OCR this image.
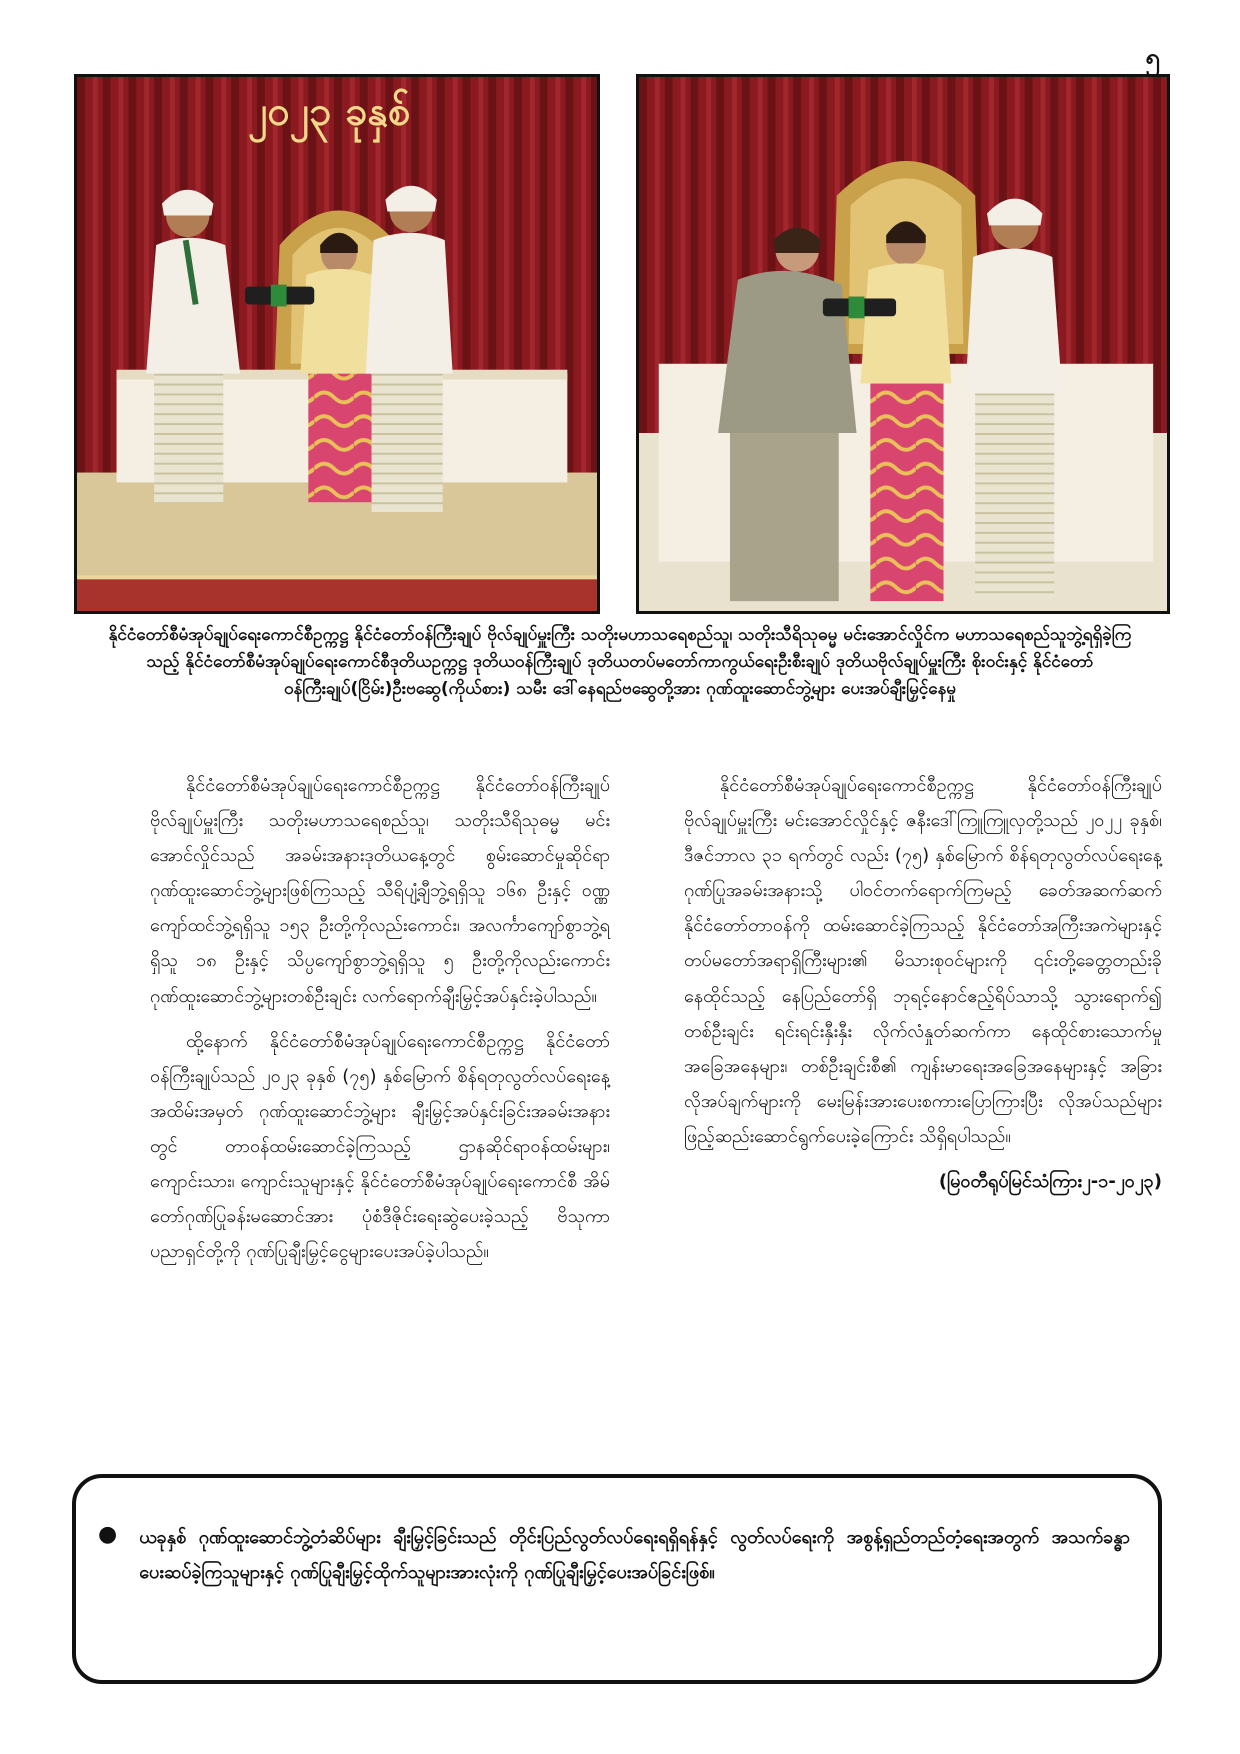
၅
၂၀၂၃ ခုနှစ်
နိုင်ငံတော်စီမံအုပ်ချုပ်ရေးကောင်စီဥက္ကဋ္ဌ နိုင်ငံတော်ဝန်ကြီးချုပ် ဗိုလ်ချုပ်မှူးကြီး သတိုးမဟာသရေစည်သူ၊ သတိုးသီရိသုဓမ္မ မင်းအောင်လှိုင်က မဟာသရေစည်သူဘွဲ့ရရှိခဲ့ကြသည့် နိုင်ငံတော်စီမံအုပ်ချုပ်ရေးကောင်စီဒုတိယဥက္ကဋ္ဌ ဒုတိယဝန်ကြီးချုပ် ဒုတိယတပ်မတော်ကာကွယ်ရေးဦးစီးချုပ် ဒုတိယဗိုလ်ချုပ်မှူးကြီး စိုးဝင်းနှင့် နိုင်ငံတော်ဝန်ကြီးချုပ်(ငြိမ်း)ဦးဗဆွေ(ကိုယ်စား) သမီး ဒေါ်နေရည်ဗဆွေတို့အား ဂုဏ်ထူးဆောင်ဘွဲ့များ ပေးအပ်ချီးမြှင့်နေမှု

နိုင်ငံတော်စီမံအုပ်ချုပ်ရေးကောင်စီဥက္ကဋ္ဌ နိုင်ငံတော်ဝန်ကြီးချုပ် ဗိုလ်ချုပ်မှူးကြီး သတိုးမဟာသရေစည်သူ၊ သတိုးသီရိသုဓမ္မ မင်းအောင်လှိုင်သည် အခမ်းအနားဒုတိယနေ့တွင် စွမ်းဆောင်မှုဆိုင်ရာဂုဏ်ထူးဆောင်ဘွဲ့များဖြစ်ကြသည့် သီရိပျံ့ချီဘွဲ့ရရှိသူ ၁၆၈ ဦးနှင့် ဝဏ္ဏကျော်ထင်ဘွဲ့ရရှိသူ ၁၅၃ ဦးတို့ကိုလည်းကောင်း၊ အလင်္ကာကျော်စွာဘွဲ့ရရှိသူ ၁၈ ဦးနှင့် သိပ္ပကျော်စွာဘွဲ့ရရှိသူ ၅ ဦးတို့ကိုလည်းကောင်း ဂုဏ်ထူးဆောင်ဘွဲ့များတစ်ဦးချင်း လက်ရောက်ချီးမြှင့်အပ်နှင်းခဲ့ပါသည်။

ထို့နောက် နိုင်ငံတော်စီမံအုပ်ချုပ်ရေးကောင်စီဥက္ကဋ္ဌ နိုင်ငံတော်ဝန်ကြီးချုပ်သည် ၂၀၂၃ ခုနှစ် (၇၅) နှစ်မြောက် စိန်ရတုလွတ်လပ်ရေးနေ့အထိမ်းအမှတ် ဂုဏ်ထူးဆောင်ဘွဲ့များ ချီးမြှင့်အပ်နှင်းခြင်းအခမ်းအနားတွင် တာဝန်ထမ်းဆောင်ခဲ့ကြသည့် ဌာနဆိုင်ရာဝန်ထမ်းများ၊ ကျောင်းသား၊ ကျောင်းသူများနှင့် နိုင်ငံတော်စီမံအုပ်ချုပ်ရေးကောင်စီ အိမ်တော်ဂုဏ်ပြုခန်းမဆောင်အား ပုံစံဒီဇိုင်းရေးဆွဲပေးခဲ့သည့် ဗိသုကာပညာရှင်တို့ကို ဂုဏ်ပြုချီးမြှင့်ငွေများပေးအပ်ခဲ့ပါသည်။

နိုင်ငံတော်စီမံအုပ်ချုပ်ရေးကောင်စီဥက္ကဋ္ဌ နိုင်ငံတော်ဝန်ကြီးချုပ် ဗိုလ်ချုပ်မှူးကြီး မင်းအောင်လှိုင်နှင့် ဇနီးဒေါ်ကြူကြူလှတို့သည် ၂၀၂၂ ခုနှစ်၊ ဒီဇင်ဘာလ ၃၁ ရက်တွင် လည်း (၇၅) နှစ်မြောက် စိန်ရတုလွတ်လပ်ရေးနေ့ ဂုဏ်ပြုအခမ်းအနားသို့ ပါဝင်တက်ရောက်ကြမည့် ခေတ်အဆက်ဆက် နိုင်ငံတော်တာဝန်ကို ထမ်းဆောင်ခဲ့ကြသည့် နိုင်ငံတော်အကြီးအကဲများနှင့် တပ်မတော်အရာရှိကြီးများ၏ မိသားစုဝင်များကို ၎င်းတို့ခေတ္တတည်းခိုနေထိုင်သည့် နေပြည်တော်ရှိ ဘုရင့်နောင်ဧည့်ရိပ်သာသို့ သွားရောက်၍ တစ်ဦးချင်း ရင်းရင်းနှီးနှီး လိုက်လံနှုတ်ဆက်ကာ နေထိုင်စားသောက်မှုအခြေအနေများ၊ တစ်ဦးချင်းစီ၏ ကျန်းမာရေးအခြေအနေများနှင့် အခြားလိုအပ်ချက်များကို မေးမြန်းအားပေးစကားပြောကြားပြီး လိုအပ်သည်များဖြည့်ဆည်းဆောင်ရွက်ပေးခဲ့ကြောင်း သိရှိရပါသည်။

(မြဝတီရုပ်မြင်သံကြား၂-၁-၂၀၂၃)

● ယခုနှစ် ဂုဏ်ထူးဆောင်ဘွဲ့တံဆိပ်များ ချီးမြှင့်ခြင်းသည် တိုင်းပြည်လွတ်လပ်ရေးရရှိရန်နှင့် လွတ်လပ်ရေးကို အစွန့်ရှည်တည်တံ့ရေးအတွက် အသက်ခန္ဓာပေးဆပ်ခဲ့ကြသူများနှင့် ဂုဏ်ပြုချီးမြှင့်ထိုက်သူများအားလုံးကို ဂုဏ်ပြုချီးမြှင့်ပေးအပ်ခြင်းဖြစ်။
